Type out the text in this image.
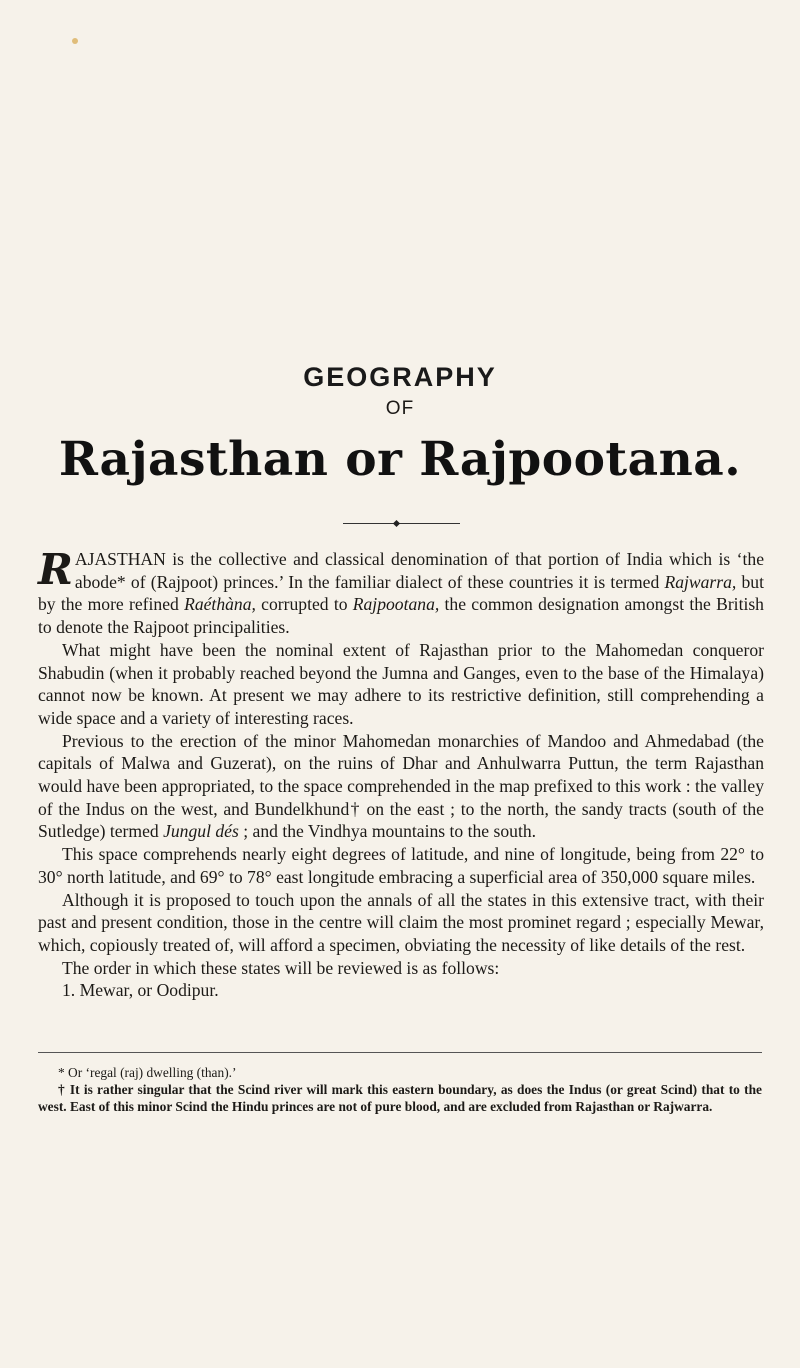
GEOGRAPHY
OF
Rajasthan or Rajpootana.

RAJASTHAN is the collective and classical denomination of that portion of India which is ‘the abode* of (Rajpoot) princes.’ In the familiar dialect of these countries it is termed Rajwarra, but by the more refined Raéthàna, corrupted to Rajpootana, the common designation amongst the British to denote the Rajpoot principalities.

What might have been the nominal extent of Rajasthan prior to the Mahomedan conqueror Shabudin (when it probably reached beyond the Jumna and Ganges, even to the base of the Himalaya) cannot now be known. At present we may adhere to its restrictive definition, still comprehending a wide space and a variety of interesting races.

Previous to the erection of the minor Mahomedan monarchies of Mandoo and Ahmedabad (the capitals of Malwa and Guzerat), on the ruins of Dhar and Anhulwarra Puttun, the term Rajasthan would have been appropriated, to the space comprehended in the map prefixed to this work : the valley of the Indus on the west, and Bundelkhund† on the east ; to the north, the sandy tracts (south of the Sutledge) termed Jungul dés ; and the Vindhya mountains to the south.

This space comprehends nearly eight degrees of latitude, and nine of longitude, being from 22° to 30° north latitude, and 69° to 78° east longitude embracing a superficial area of 350,000 square miles.

Although it is proposed to touch upon the annals of all the states in this extensive tract, with their past and present condition, those in the centre will claim the most prominet regard ; especially Mewar, which, copiously treated of, will afford a specimen, obviating the necessity of like details of the rest.

The order in which these states will be reviewed is as follows:

1. Mewar, or Oodipur.

* Or ‘regal (raj) dwelling (than).’

† It is rather singular that the Scind river will mark this eastern boundary, as does the Indus (or great Scind) that to the west. East of this minor Scind the Hindu princes are not of pure blood, and are excluded from Rajasthan or Rajwarra.
